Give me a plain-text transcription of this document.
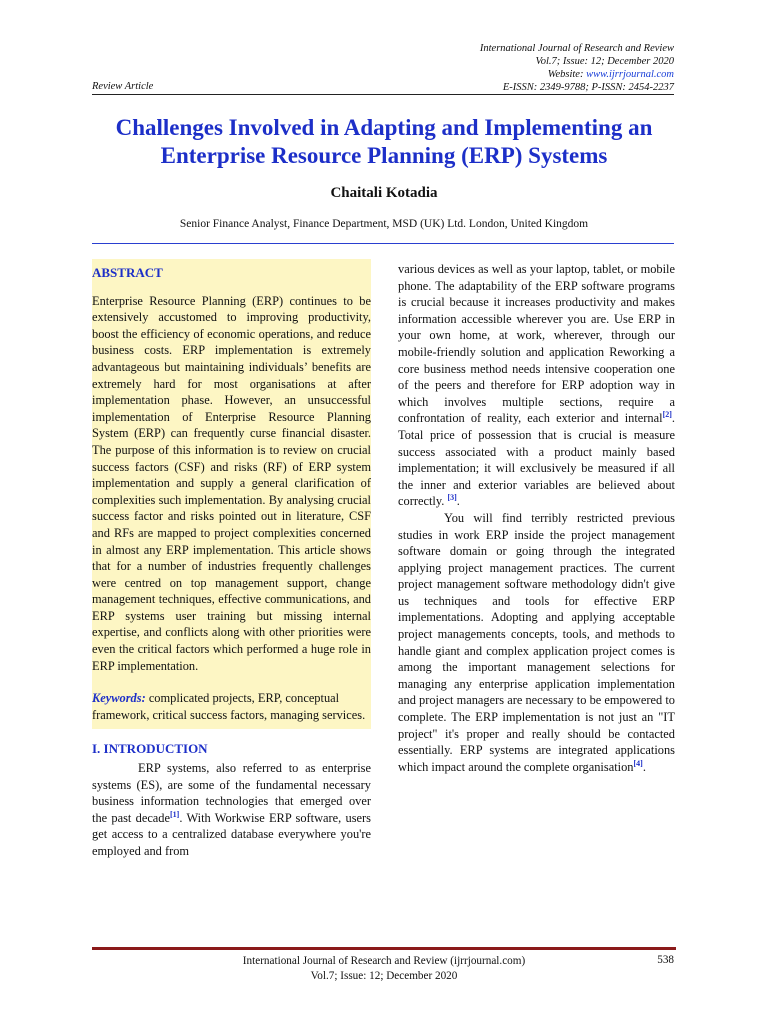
International Journal of Research and Review
Vol.7; Issue: 12; December 2020
Website: www.ijrrjournal.com
E-ISSN: 2349-9788; P-ISSN: 2454-2237
Review Article
Challenges Involved in Adapting and Implementing an Enterprise Resource Planning (ERP) Systems
Chaitali Kotadia
Senior Finance Analyst, Finance Department, MSD (UK) Ltd. London, United Kingdom
ABSTRACT
Enterprise Resource Planning (ERP) continues to be extensively accustomed to improving productivity, boost the efficiency of economic operations, and reduce business costs. ERP implementation is extremely advantageous but maintaining individuals’ benefits are extremely hard for most organisations at after implementation phase. However, an unsuccessful implementation of Enterprise Resource Planning System (ERP) can frequently curse financial disaster. The purpose of this information is to review on crucial success factors (CSF) and risks (RF) of ERP system implementation and supply a general clarification of complexities such implementation. By analysing crucial success factor and risks pointed out in literature, CSF and RFs are mapped to project complexities concerned in almost any ERP implementation. This article shows that for a number of industries frequently challenges were centred on top management support, change management techniques, effective communications, and ERP systems user training but missing internal expertise, and conflicts along with other priorities were even the critical factors which performed a huge role in ERP implementation.
Keywords: complicated projects, ERP, conceptual framework, critical success factors, managing services.
I. INTRODUCTION
ERP systems, also referred to as enterprise systems (ES), are some of the fundamental necessary business information technologies that emerged over the past decade[1]. With Workwise ERP software, users get access to a centralized database everywhere you're employed and from
various devices as well as your laptop, tablet, or mobile phone. The adaptability of the ERP software programs is crucial because it increases productivity and makes information accessible wherever you are. Use ERP in your own home, at work, wherever, through our mobile-friendly solution and application Reworking a core business method needs intensive cooperation one of the peers and therefore for ERP adoption way in which involves multiple sections, require a confrontation of reality, each exterior and internal[2]. Total price of possession that is crucial is measure success associated with a product mainly based implementation; it will exclusively be measured if all the inner and exterior variables are believed about correctly. [3].
You will find terribly restricted previous studies in work ERP inside the project management software domain or going through the integrated applying project management practices. The current project management software methodology didn't give us techniques and tools for effective ERP implementations. Adopting and applying acceptable project managements concepts, tools, and methods to handle giant and complex application project comes is among the important management selections for managing any enterprise application implementation and project managers are necessary to be empowered to complete. The ERP implementation is not just an "IT project" it's proper and really should be contacted essentially. ERP systems are integrated applications which impact around the complete organisation[4].
International Journal of Research and Review (ijrrjournal.com)
Vol.7; Issue: 12; December 2020
538
